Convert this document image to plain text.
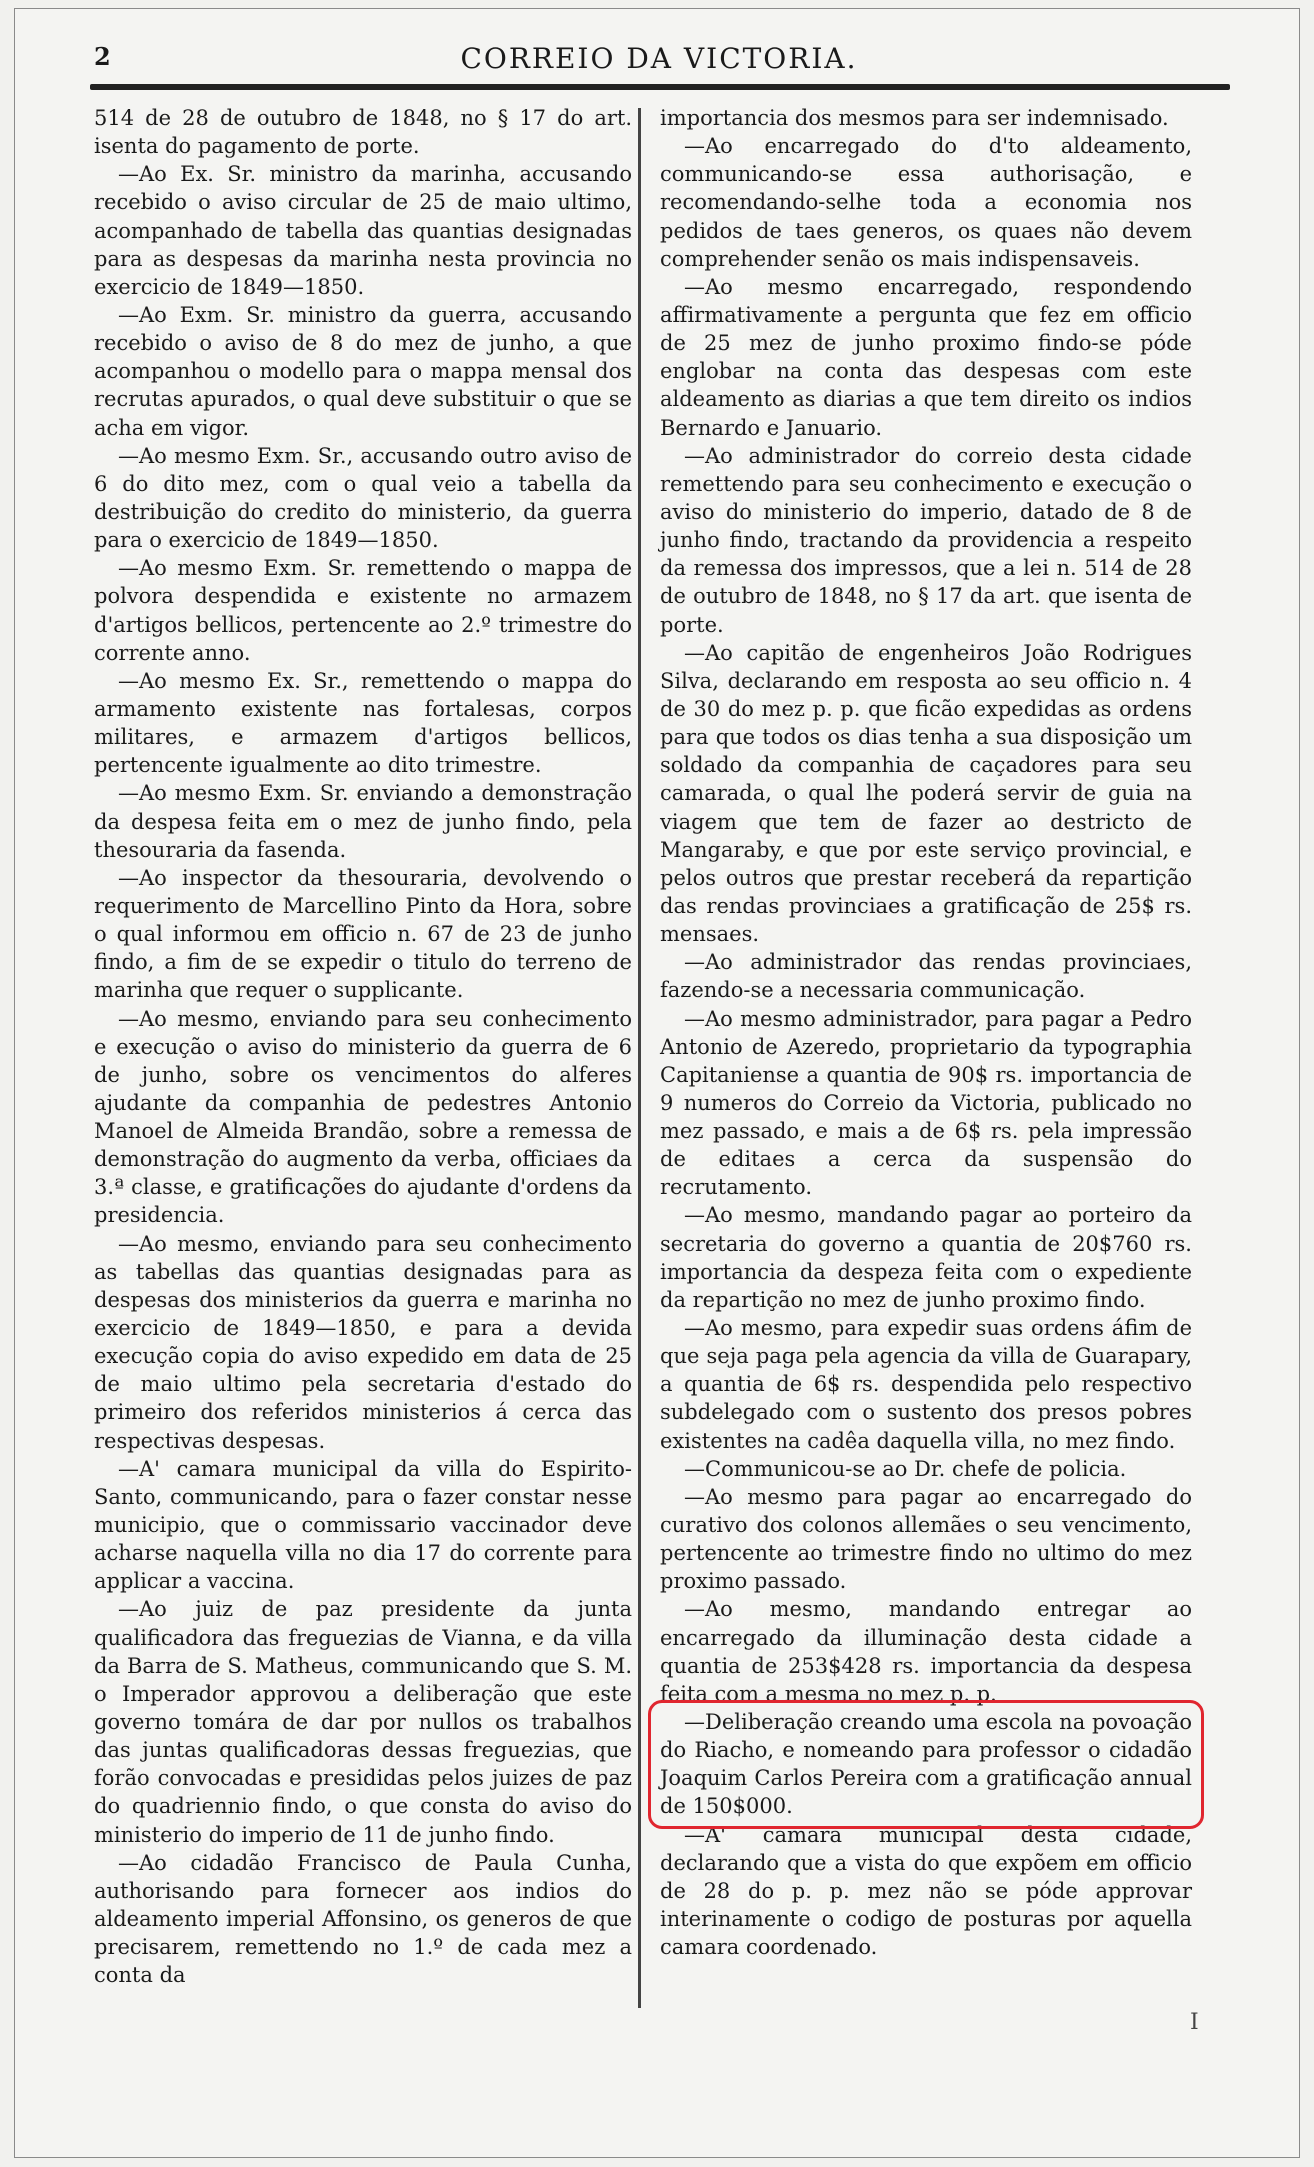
2	CORREIO DA VICTORIA.

514 de 28 de outubro de 1848, no § 17 do art. isenta do pagamento de porte.

—Ao Ex. Sr. ministro da marinha, accusando recebido o aviso circular de 25 de maio ultimo, acompanhado de tabella das quantias designadas para as despesas da marinha nesta provincia no exercicio de 1849—1850.

—Ao Exm. Sr. ministro da guerra, accusando recebido o aviso de 8 do mez de junho, a que acompanhou o modello para o mappa mensal dos recrutas apurados, o qual deve substituir o que se acha em vigor.

—Ao mesmo Exm. Sr., accusando outro aviso de 6 do dito mez, com o qual veio a tabella da destribuição do credito do ministerio, da guerra para o exercicio de 1849—1850.

—Ao mesmo Exm. Sr. remettendo o mappa de polvora despendida e existente no armazem d'artigos bellicos, pertencente ao 2.º trimestre do corrente anno.

—Ao mesmo Ex. Sr., remettendo o mappa do armamento existente nas fortalesas, corpos militares, e armazem d'artigos bellicos, pertencente igualmente ao dito trimestre.

—Ao mesmo Exm. Sr. enviando a demonstração da despesa feita em o mez de junho findo, pela thesouraria da fasenda.

—Ao inspector da thesouraria, devolvendo o requerimento de Marcellino Pinto da Hora, sobre o qual informou em officio n. 67 de 23 de junho findo, a fim de se expedir o titulo do terreno de marinha que requer o supplicante.

—Ao mesmo, enviando para seu conhecimento e execução o aviso do ministerio da guerra de 6 de junho, sobre os vencimentos do alferes ajudante da companhia de pedestres Antonio Manoel de Almeida Brandão, sobre a remessa de demonstração do augmento da verba, officiaes da 3.ª classe, e gratificações do ajudante d'ordens da presidencia.

—Ao mesmo, enviando para seu conhecimento as tabellas das quantias designadas para as despesas dos ministerios da guerra e marinha no exercicio de 1849—1850, e para a devida execução copia do aviso expedido em data de 25 de maio ultimo pela secretaria d'estado do primeiro dos referidos ministerios á cerca das respectivas despesas.

—A' camara municipal da villa do Espirito-Santo, communicando, para o fazer constar nesse municipio, que o commissario vaccinador deve acharse naquella villa no dia 17 do corrente para applicar a vaccina.

—Ao juiz de paz presidente da junta qualificadora das freguezias de Vianna, e da villa da Barra de S. Matheus, communicando que S. M. o Imperador approvou a deliberação que este governo tomára de dar por nullos os trabalhos das juntas qualificadoras dessas freguezias, que forão convocadas e presididas pelos juizes de paz do quadriennio findo, o que consta do aviso do ministerio do imperio de 11 de junho findo.

—Ao cidadão Francisco de Paula Cunha, authorisando para fornecer aos indios do aldeamento imperial Affonsino, os generos de que precisarem, remettendo no 1.º de cada mez a conta da

importancia dos mesmos para ser indemnisado.

—Ao encarregado do d'to aldeamento, communicando-se essa authorisação, e recomendando-selhe toda a economia nos pedidos de taes generos, os quaes não devem comprehender senão os mais indispensaveis.

—Ao mesmo encarregado, respondendo affirmativamente a pergunta que fez em officio de 25 mez de junho proximo findo-se póde englobar na conta das despesas com este aldeamento as diarias a que tem direito os indios Bernardo e Januario.

—Ao administrador do correio desta cidade remettendo para seu conhecimento e execução o aviso do ministerio do imperio, datado de 8 de junho findo, tractando da providencia a respeito da remessa dos impressos, que a lei n. 514 de 28 de outubro de 1848, no § 17 da art. que isenta de porte.

—Ao capitão de engenheiros João Rodrigues Silva, declarando em resposta ao seu officio n. 4 de 30 do mez p. p. que ficão expedidas as ordens para que todos os dias tenha a sua disposição um soldado da companhia de caçadores para seu camarada, o qual lhe poderá servir de guia na viagem que tem de fazer ao destricto de Mangaraby, e que por este serviço provincial, e pelos outros que prestar receberá da repartição das rendas provinciaes a gratificação de 25$ rs. mensaes.

—Ao administrador das rendas provinciaes, fazendo-se a necessaria communicação.

—Ao mesmo administrador, para pagar a Pedro Antonio de Azeredo, proprietario da typographia Capitaniense a quantia de 90$ rs. importancia de 9 numeros do Correio da Victoria, publicado no mez passado, e mais a de 6$ rs. pela impressão de editaes a cerca da suspensão do recrutamento.

—Ao mesmo, mandando pagar ao porteiro da secretaria do governo a quantia de 20$760 rs. importancia da despeza feita com o expediente da repartição no mez de junho proximo findo.

—Ao mesmo, para expedir suas ordens áfim de que seja paga pela agencia da villa de Guarapary, a quantia de 6$ rs. despendida pelo respectivo subdelegado com o sustento dos presos pobres existentes na cadêa daquella villa, no mez findo.

—Communicou-se ao Dr. chefe de policia.

—Ao mesmo para pagar ao encarregado do curativo dos colonos allemães o seu vencimento, pertencente ao trimestre findo no ultimo do mez proximo passado.

—Ao mesmo, mandando entregar ao encarregado da illuminação desta cidade a quantia de 253$428 rs. importancia da despesa feita com a mesma no mez p. p.

—Deliberação creando uma escola na povoação do Riacho, e nomeando para professor o cidadão Joaquim Carlos Pereira com a gratificação annual de 150$000.

—A' camara municipal desta cidade, declarando que a vista do que expõem em officio de 28 do p. p. mez não se póde approvar interinamente o codigo de posturas por aquella camara coordenado.

I
